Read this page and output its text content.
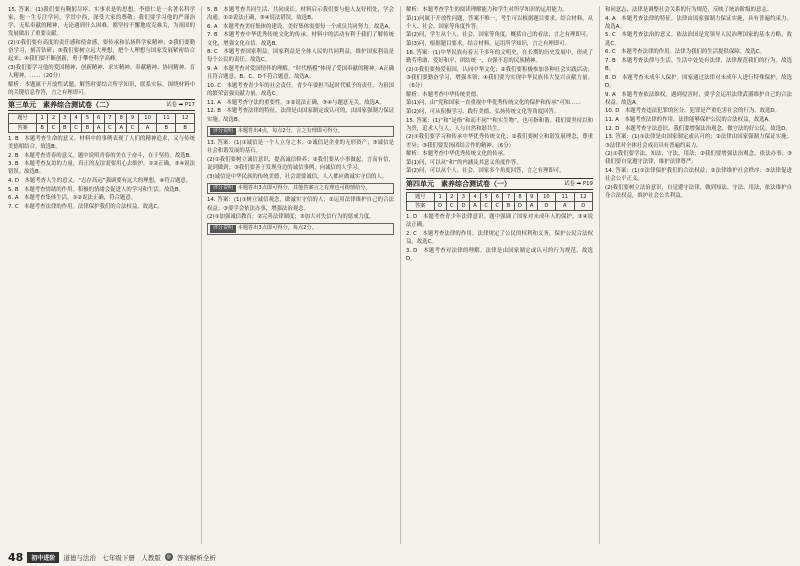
15. 答案：(1)我们要有鞠躬尽瘁、实事求是的思想。李德仁是一名著名科学家，他一生专注学问，学贯中西，深受大家的尊敬；我们要学习他的严谨治学、无私奉献的精神，无论遇到什么困难，都坚持不懈地攻克难关，为祖国的发展做出了重要贡献。

(2)①我们要有高度的责任感和使命感，要传承和弘扬科学家精神；②我们要勤奋学习，刻苦钻研；③我们要树立远大理想，把个人理想与国家发展紧密结合起来；④我们要不断创新，勇于攀登科学高峰。

(3)我们要学习他的爱国精神、创新精神、求实精神、奉献精神、协同精神、育人精神。……（20分）

解析：本题属于开放性试题。解答时要结合所学知识，联系实际，围绕材料中的关键信息作答，言之有理即可。

第三单元　素养综合测试卷（二）	试卷 ➡ P17
题号	1	2	3	4	5	6	7	8	9	10	11	12
答案	B	C	B	C	B	A	C	A	C	A	B	B

1. B　本题考查生命的意义。材料中的事例表现了人们的精神追求，又与传统美德相结合。故选B。

2. B　本题考查青春的意义。题中说明青春的美在于奋斗，在于坚持。故选B。

3. B　本题考查友谊的力量。真正的友谊需要用心去维护。①②正确，③④说法错误。故选B。

4. D　本题考查人生的意义。“志存高远”强调要有远大的理想，④符合题意。

5. B　本题考查情绪的作用。积极的情绪会促进人的学习和生活。故选B。

6. A　本题考查集体生活。①②说法正确，符合题意。

7. C　本题考查法律的作用。法律保护我们的合法权益。故选C。

5. B　本题考查共同生活、共同成长。材料启示我们要与他人友好相处，学会沟通。①②说法正确，③④说法错误。故选B。

6. A　本题考查美好集体的建设。美好集体需要每一个成员共同努力。故选A。

7. B　本题考查中华优秀传统文化的传承。材料中的活动有利于我们了解传统文化，增强文化自信。故选B。

8. C　本题考查国家利益。国家利益是全体人民的共同利益，维护国家利益是每个公民的责任。故选C。

9. A　本题考查对爱国情怀的理解。“时代楷模”体现了爱国奉献的精神，A正确且符合题意。B、C、D不符合题意。故选A。

10. C　本题考查青少年的社会责任。青少年要担当起时代赋予的责任，为祖国的繁荣富强贡献力量。故选C。

11. A　本题考查守法的重要性。①②说法正确，③④与题意无关。故选A。

12. B　本题考查法律的特征。法律是由国家制定或认可的，由国家强制力保证实施。故选B。

评分说明 本题答出4点，每点2分，言之有理即可得分。

13. 答案：(1)①诚信是一个人立身之本；②诚信是企业的无形资产；③诚信是社会和谐发展的基石。

(2)①我们要树立诚信意识，提高诚信修养；②我们要从小事做起，言而有信，说到做到；③我们要善于发现身边的诚信事例，向诚信的人学习。

(3)诚信是中华民族的传统美德，社会需要诚信，人人都应做诚实守信的人。

评分说明 本题答出3点即可得分，其他答案言之有理也可酌情给分。

14. 答案：(1)①树立诚信观念，做诚实守信的人；②运用法律维护自己的合法权益；③要学会依法办事，增强法治观念。

(2)①加强诚信教育；②完善法律制度；③加大对失信行为的惩戒力度。

评分说明 本题答出3点即可得分，每点2分。

解析：本题考查学生的阅读理解能力和学生对所学知识的运用能力。

第(1)问属于开放性问题，答案不唯一，考生可以根据题目要求，结合材料，从个人、社会、国家等角度作答。

第(2)问，学生从个人、社会、国家等角度，概括自己的看法，言之有理即可。

第(3)问，根据题目要求，结合材料，运用所学知识，言之有理即可。

16. 答案：(1)中华民族有着五千多年的文明史，在长期的历史发展中，形成了勤劳勇敢、爱好和平、团结统一、自强不息的民族精神。

(2)①我们要热爱祖国，认同中华文化；②我们要积极参加各种社会实践活动；③我们要勤奋学习，增强本领；④我们要为实现中华民族伟大复兴贡献力量。（6分）

解析：本题考查中华传统美德。

第(1)问，由“党和国家一直重视中华优秀传统文化的保护和传承”可知……

第(2)问，可从积极学习、践行美德、弘扬传统文化等角度回答。

15. 答案：(1)“和”是指“和而不同”“和实生物”，也可指和谐。我们要坚持以和为贵，追求人与人、人与自然和谐共生。

(2)①我们要学习和传承中华优秀传统文化；②我们要树立和谐发展理念，尊重差异；③我们要发扬团结合作的精神。（6分）

解析：本题考查中华优秀传统文化的传承。

第(1)问，可以从“和”的内涵及其意义角度作答。

第(2)问，可以从个人、社会、国家多个角度回答，言之有理即可。

第四单元　素养综合测试卷（一）	试卷 ➡ P19
题号	1	2	3	4	5	6	7	8	9	10	11	12
答案	D	C	D	A	C	C	B	D	A	D	A	D

1. D　本题考查青少年法律意识。题中强调了国家对未成年人的保护，③④说法正确。

2. C　本题考查法律的作用。法律规定了公民的权利和义务，保护公民合法权益。故选C。

3. D　本题考查对法律的理解。法律是由国家制定或认可的行为规范。故选D。

和同意志，法律是调整社会关系的行为规范，反映了统治阶级的意志。

4. A　本题考查法律的特征。法律由国家强制力保证实施，具有普遍约束力。故选A。

5. C　本题考查法治的意义。依法治国是党领导人民治理国家的基本方略。故选C。

6. C　本题考查法律的作用。法律为我们的生活提供保障。故选C。

7. B　本题考查法律与生活。生活中处处有法律，法律规范我们的行为。故选B。

8. D　本题考查未成年人保护。国家通过法律对未成年人进行特殊保护。故选D。

9. A　本题考查依法维权。遇到侵害时，要学会运用法律武器维护自己的合法权益。故选A。

10. D　本题考查违法犯罪的区分。犯罪是严重危害社会的行为。故选D。

11. A　本题考查法律的作用。法律能够保护公民的合法权益。故选A。

12. D　本题考查守法意识。我们要增强法治观念，做守法的好公民。故选D。

13. 答案：(1)①法律是由国家制定或认可的；②法律由国家强制力保证实施；③法律对全体社会成员具有普遍约束力。

(2)①我们要学法、知法、守法、用法；②我们要增强法治观念，依法办事；③我们要自觉遵守法律，维护法律尊严。

14. 答案：(1)①法律保护我们的合法权益；②法律维护社会秩序；③法律促进社会公平正义。

(2)我们要树立法治意识，自觉遵守法律，做到知法、守法、用法，依法维护自身合法权益，维护社会公共利益。

48	初中进阶	道德与法治　七年级下册　人教版	◎ 答案解析全析
